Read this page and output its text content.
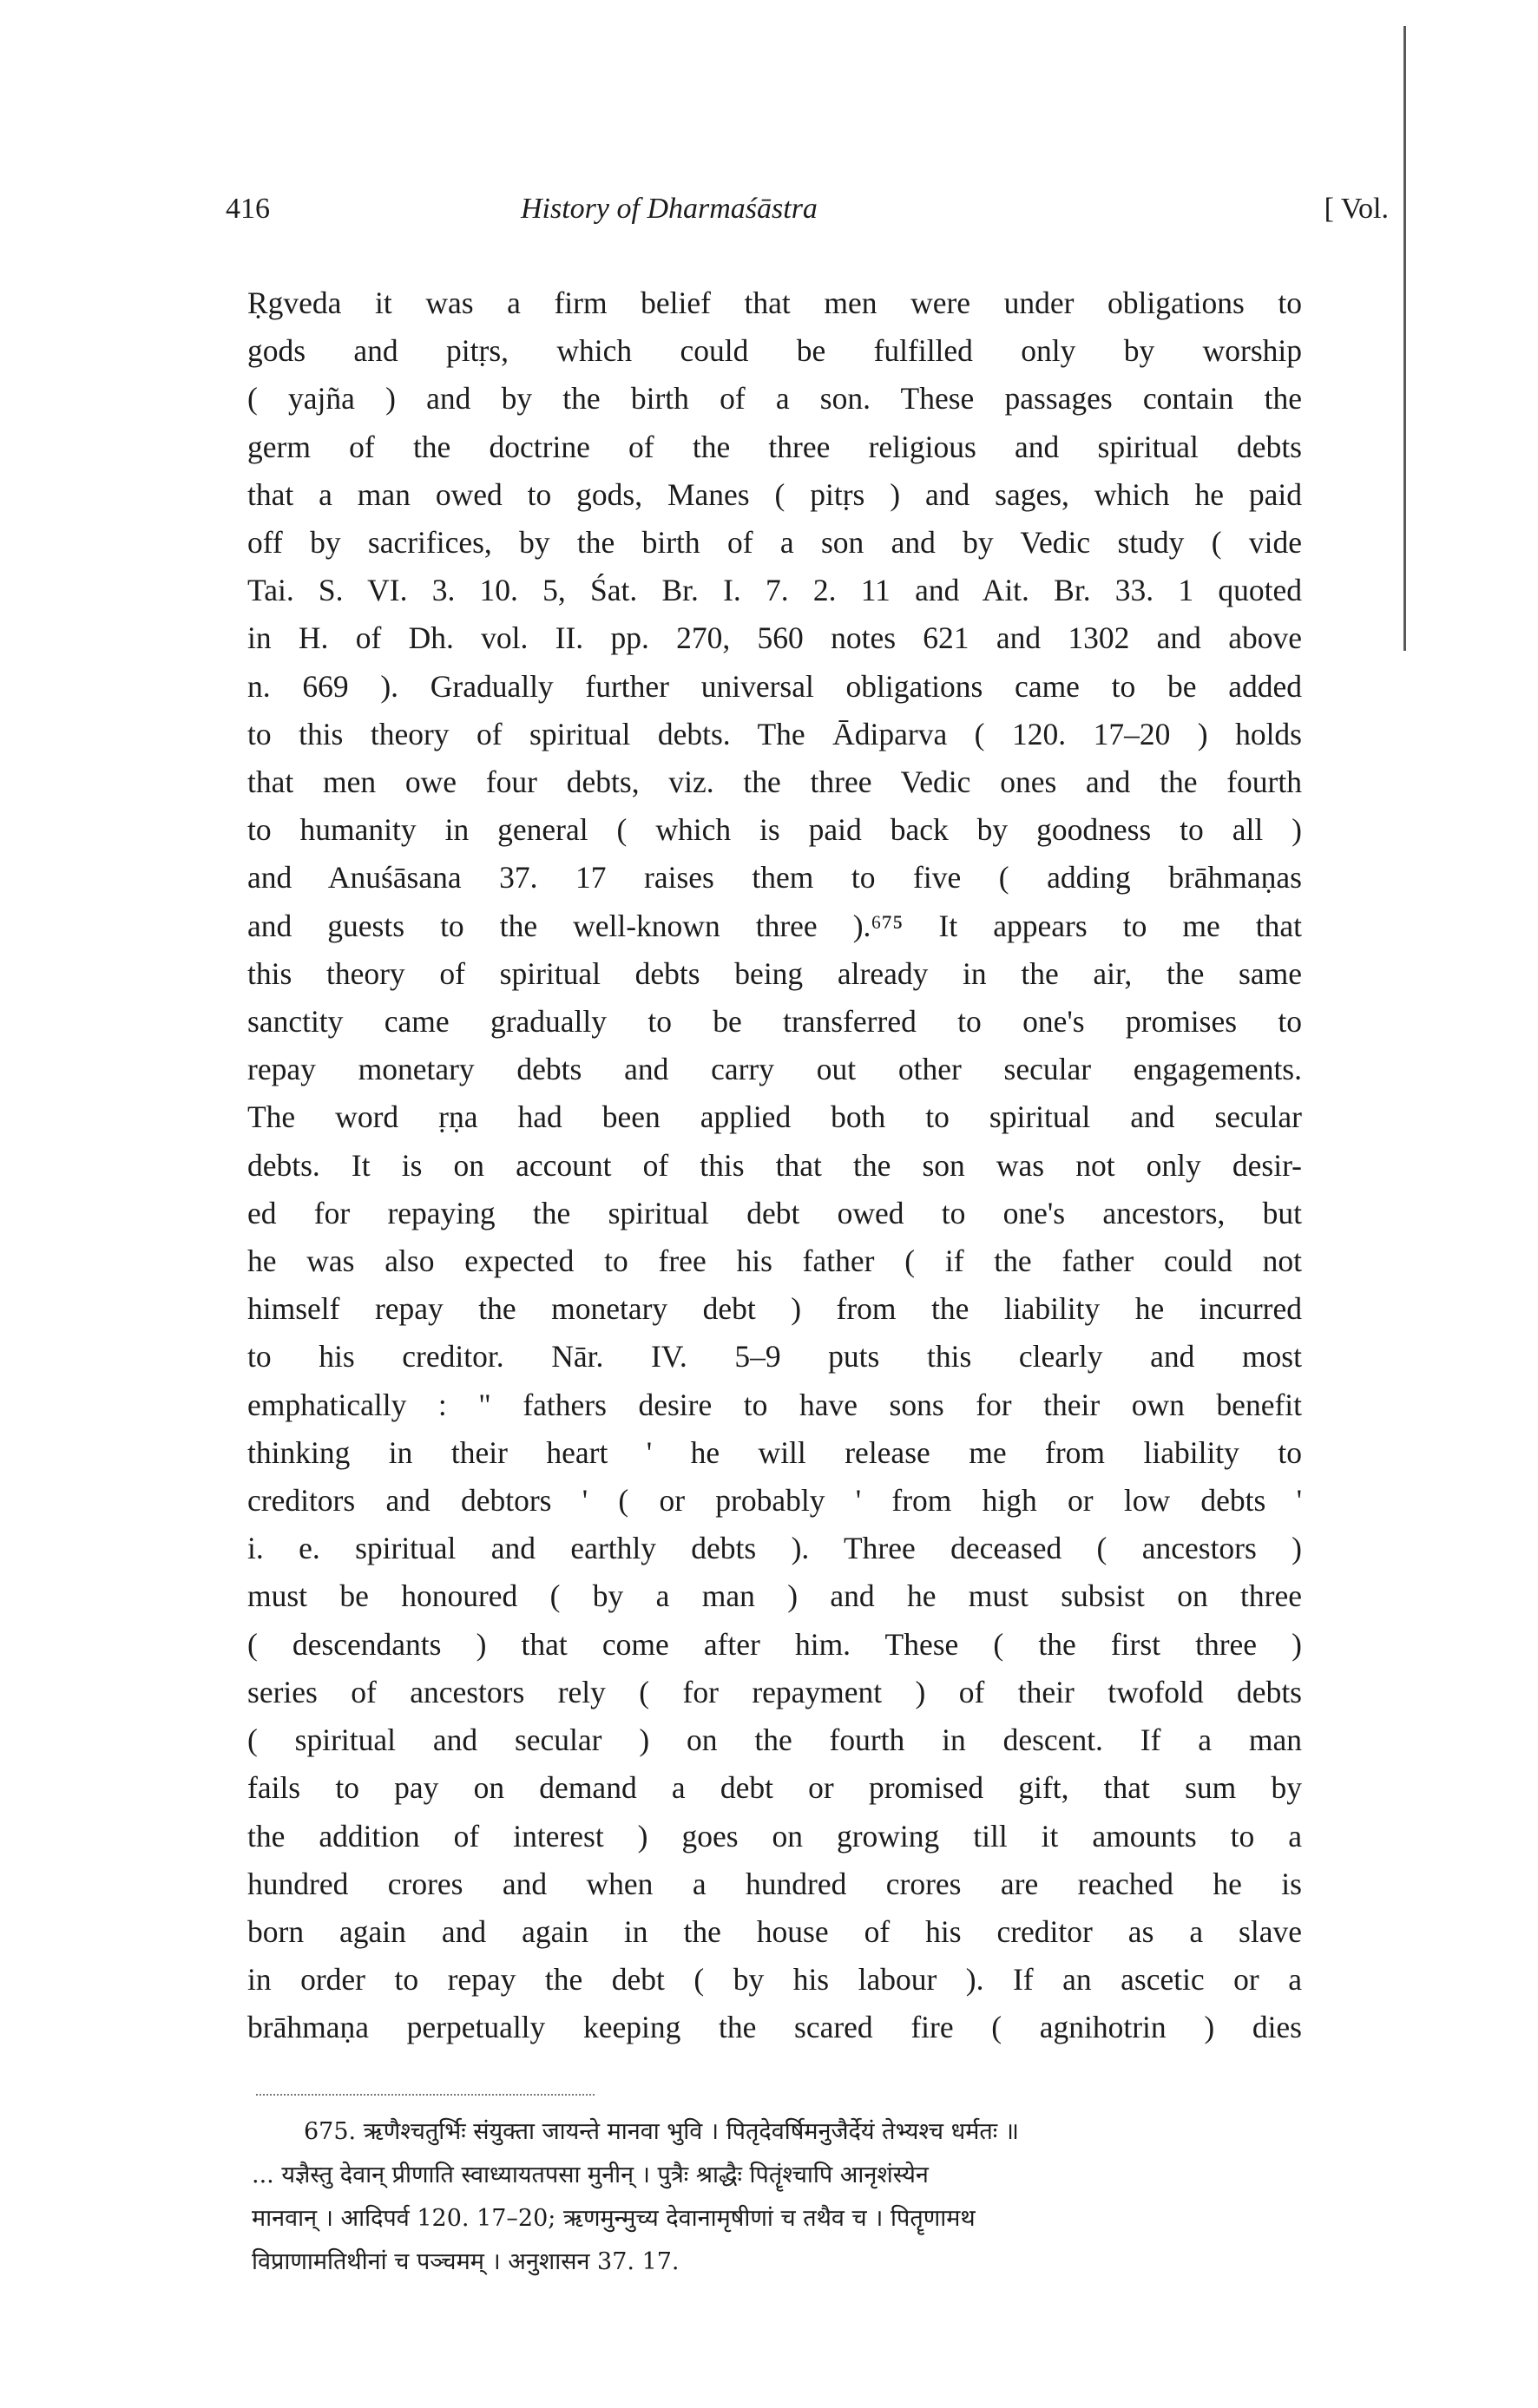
416	History of Dharmaśāstra	[ Vol.
Ṛgveda it was a firm belief that men were under obligations to
gods and pitṛs, which could be fulfilled only by worship
( yajña ) and by the birth of a son. These passages contain the
germ of the doctrine of the three religious and spiritual debts
that a man owed to gods, Manes ( pitṛs ) and sages, which he paid
off by sacrifices, by the birth of a son and by Vedic study ( vide
Tai. S. VI. 3. 10. 5, Śat. Br. I. 7. 2. 11 and Ait. Br. 33. 1 quoted
in H. of Dh. vol. II. pp. 270, 560 notes 621 and 1302 and above
n. 669 ). Gradually further universal obligations came to be added
to this theory of spiritual debts. The Ādiparva ( 120. 17–20 ) holds
that men owe four debts, viz. the three Vedic ones and the fourth
to humanity in general ( which is paid back by goodness to all )
and Anuśāsana 37. 17 raises them to five ( adding brāhmaṇas
and guests to the well-known three ).⁶⁷⁵ It appears to me that
this theory of spiritual debts being already in the air, the same
sanctity came gradually to be transferred to one's promises to
repay monetary debts and carry out other secular engagements.
The word ṛṇa had been applied both to spiritual and secular
debts. It is on account of this that the son was not only desir-
ed for repaying the spiritual debt owed to one's ancestors, but
he was also expected to free his father ( if the father could not
himself repay the monetary debt ) from the liability he incurred
to his creditor. Nār. IV. 5–9 puts this clearly and most
emphatically : " fathers desire to have sons for their own benefit
thinking in their heart ' he will release me from liability to
creditors and debtors ' ( or probably ' from high or low debts '
i. e. spiritual and earthly debts ). Three deceased ( ancestors )
must be honoured ( by a man ) and he must subsist on three
( descendants ) that come after him. These ( the first three )
series of ancestors rely ( for repayment ) of their twofold debts
( spiritual and secular ) on the fourth in descent. If a man
fails to pay on demand a debt or promised gift, that sum by
the addition of interest ) goes on growing till it amounts to a
hundred crores and when a hundred crores are reached he is
born again and again in the house of his creditor as a slave
in order to repay the debt ( by his labour ). If an ascetic or a
brāhmaṇa perpetually keeping the scared fire ( agnihotrin ) dies
675. ऋणैश्चतुर्भिः संयुक्ता जायन्ते मानवा भुवि । पितृदेवर्षिमनुजैर्देयं तेभ्यश्च धर्मतः ॥
... यज्ञैस्तु देवान् प्रीणाति स्वाध्यायतपसा मुनीन् । पुत्रैः श्राद्धैः पितॄंश्चापि आनृशंस्येन
मानवान् । आदिपर्व 120. 17–20; ऋणमुन्मुच्य देवानामृषीणां च तथैव च । पितॄणामथ
विप्राणामतिथीनां च पञ्चमम् । अनुशासन 37. 17.
